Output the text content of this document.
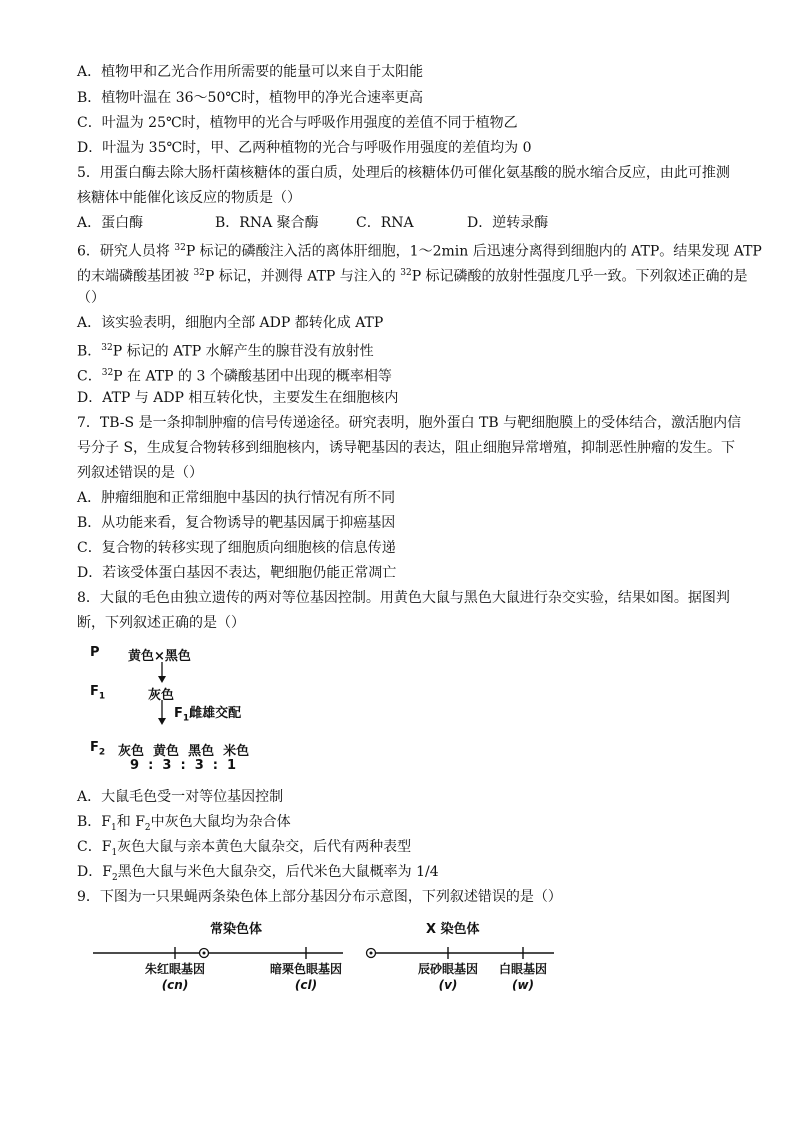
A．植物甲和乙光合作用所需要的能量可以来自于太阳能
B．植物叶温在 36～50℃时，植物甲的净光合速率更高
C．叶温为 25℃时，植物甲的光合与呼吸作用强度的差值不同于植物乙
D．叶温为 35℃时，甲、乙两种植物的光合与呼吸作用强度的差值均为 0
5．用蛋白酶去除大肠杆菌核糖体的蛋白质，处理后的核糖体仍可催化氨基酸的脱水缩合反应，由此可推测
核糖体中能催化该反应的物质是（）
A．蛋白酶	B．RNA 聚合酶	C．RNA	D．逆转录酶
6．研究人员将 $^{32}$P 标记的磷酸注入活的离体肝细胞，1～2min 后迅速分离得到细胞内的 ATP。结果发现 ATP
的末端磷酸基团被 $^{32}$P 标记，并测得 ATP 与注入的 $^{32}$P 标记磷酸的放射性强度几乎一致。下列叙述正确的是
（）
A．该实验表明，细胞内全部 ADP 都转化成 ATP
B．$^{32}$P 标记的 ATP 水解产生的腺苷没有放射性
C．$^{32}$P 在 ATP 的 3 个磷酸基团中出现的概率相等
D．ATP 与 ADP 相互转化快，主要发生在细胞核内
7．TB-S 是一条抑制肿瘤的信号传递途径。研究表明，胞外蛋白 TB 与靶细胞膜上的受体结合，激活胞内信
号分子 S，生成复合物转移到细胞核内，诱导靶基因的表达，阻止细胞异常增殖，抑制恶性肿瘤的发生。下
列叙述错误的是（）
A．肿瘤细胞和正常细胞中基因的执行情况有所不同
B．从功能来看，复合物诱导的靶基因属于抑癌基因
C．复合物的转移实现了细胞质向细胞核的信息传递
D．若该受体蛋白基因不表达，靶细胞仍能正常凋亡
8．大鼠的毛色由独立遗传的两对等位基因控制。用黄色大鼠与黑色大鼠进行杂交实验，结果如图。据图判
断，下列叙述正确的是（）
P 黄色×黑色
$F_1$	灰色
$F_1$雌雄交配
$F_2$ 灰色  黄色  黑色  米色
9  :  3  :  3  :  1
A．大鼠毛色受一对等位基因控制
B．$F_1$和 $F_2$中灰色大鼠均为杂合体
C．$F_1$灰色大鼠与亲本黄色大鼠杂交，后代有两种表型
D．$F_2$黑色大鼠与米色大鼠杂交，后代米色大鼠概率为 1/4
9．下图为一只果蝇两条染色体上部分基因分布示意图，下列叙述错误的是（）
常染色体	X 染色体
朱红眼基因
(cn)
暗栗色眼基因
(cl)
辰砂眼基因
(v)
白眼基因
(w)
